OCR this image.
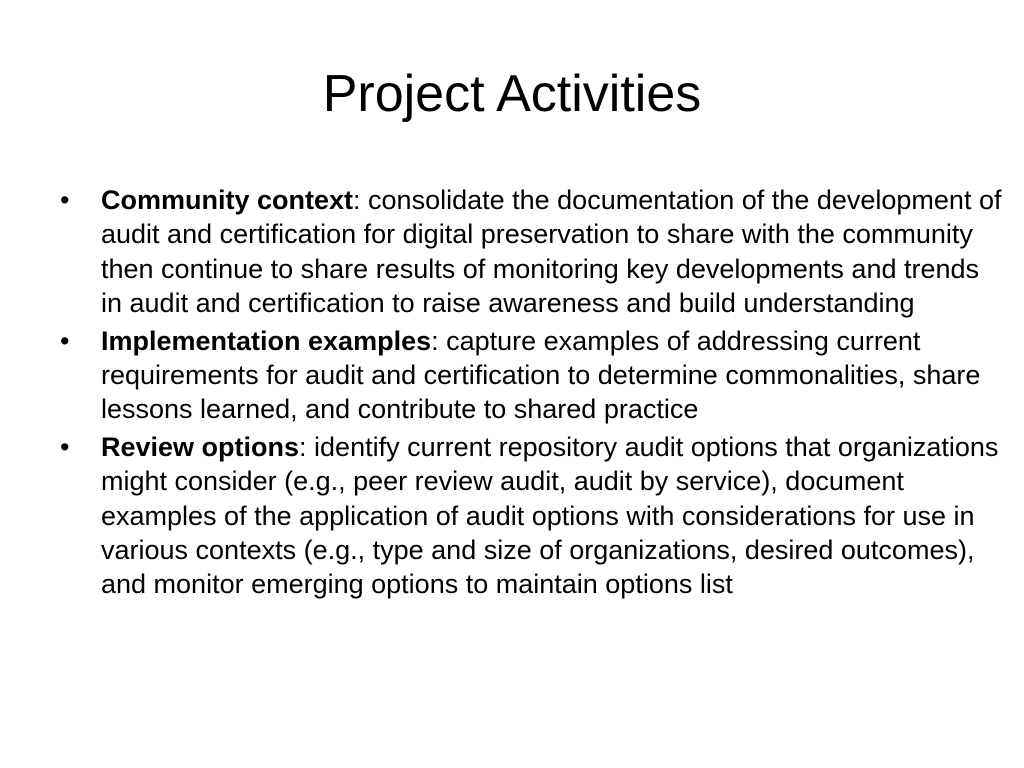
Project Activities
• Community context: consolidate the documentation of the development of audit and certification for digital preservation to share with the community then continue to share results of monitoring key developments and trends in audit and certification to raise awareness and build understanding
• Implementation examples: capture examples of addressing current requirements for audit and certification to determine commonalities, share lessons learned, and contribute to shared practice
• Review options: identify current repository audit options that organizations might consider (e.g., peer review audit, audit by service), document examples of the application of audit options with considerations for use in various contexts (e.g., type and size of organizations, desired outcomes), and monitor emerging options to maintain options list
